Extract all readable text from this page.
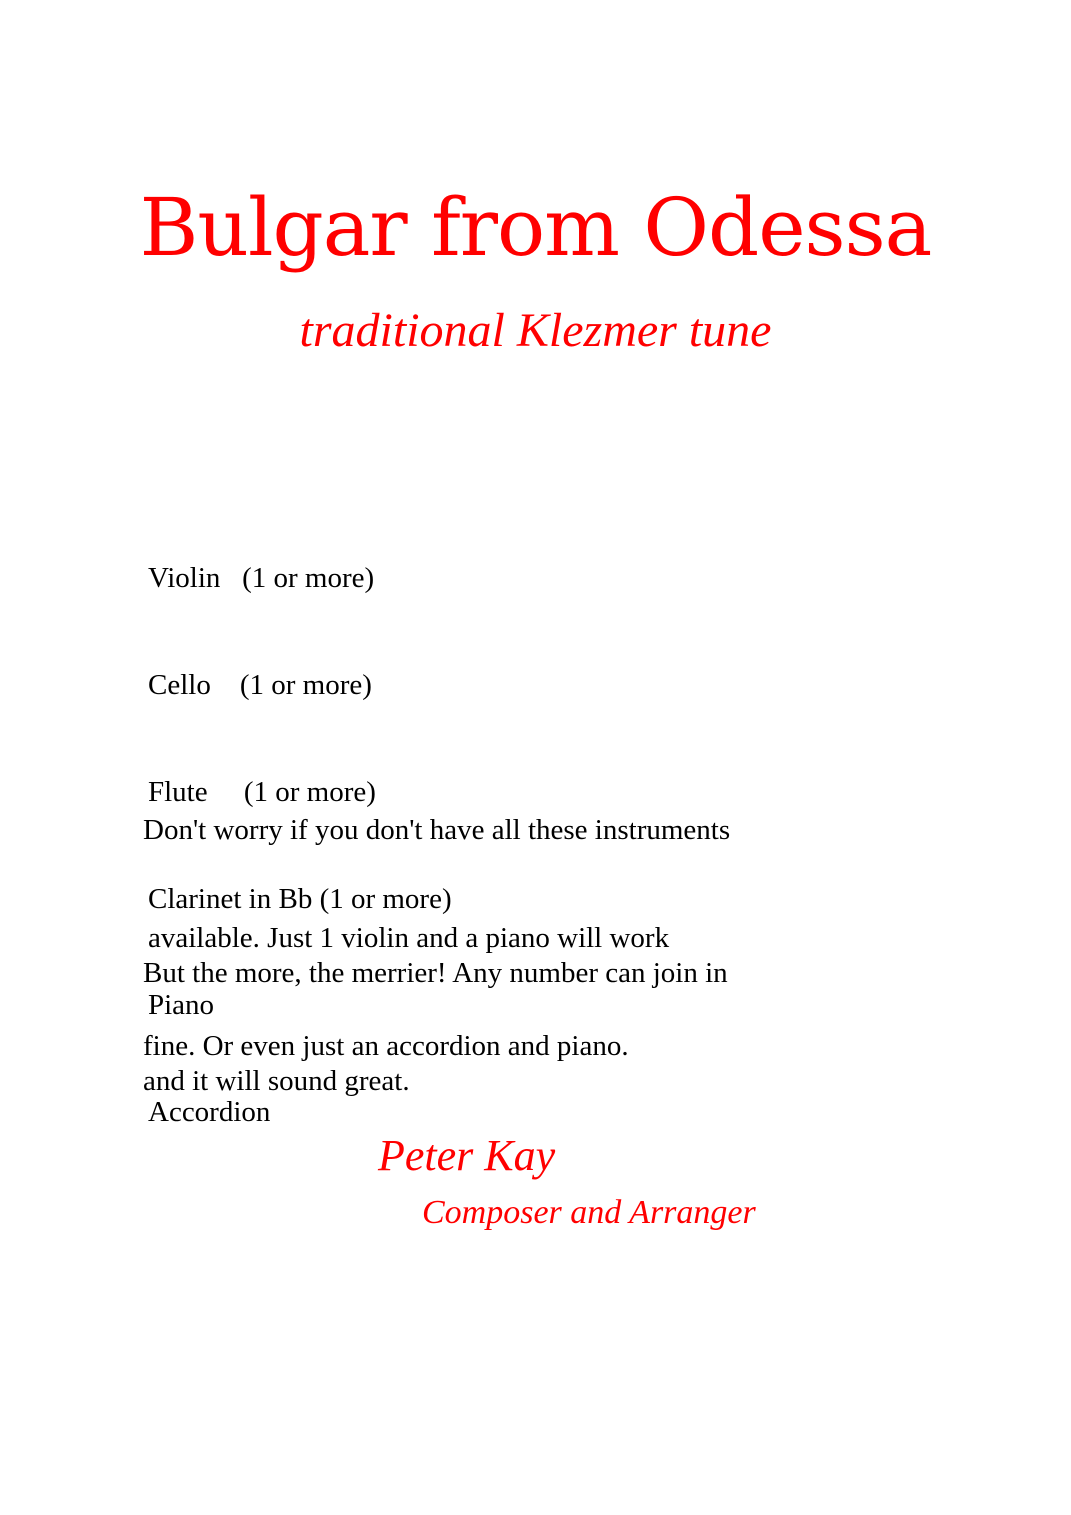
Bulgar from Odessa
traditional Klezmer tune

Violin   (1 or more)

Cello    (1 or more)

Flute     (1 or more)

Clarinet in Bb (1 or more)

Piano

Accordion

Don't worry if you don't have all these instruments

available. Just 1 violin and a piano will work

fine. Or even just an accordion and piano.

But the more, the merrier! Any number can join in

and it will sound great.

Peter Kay
Composer and Arranger
